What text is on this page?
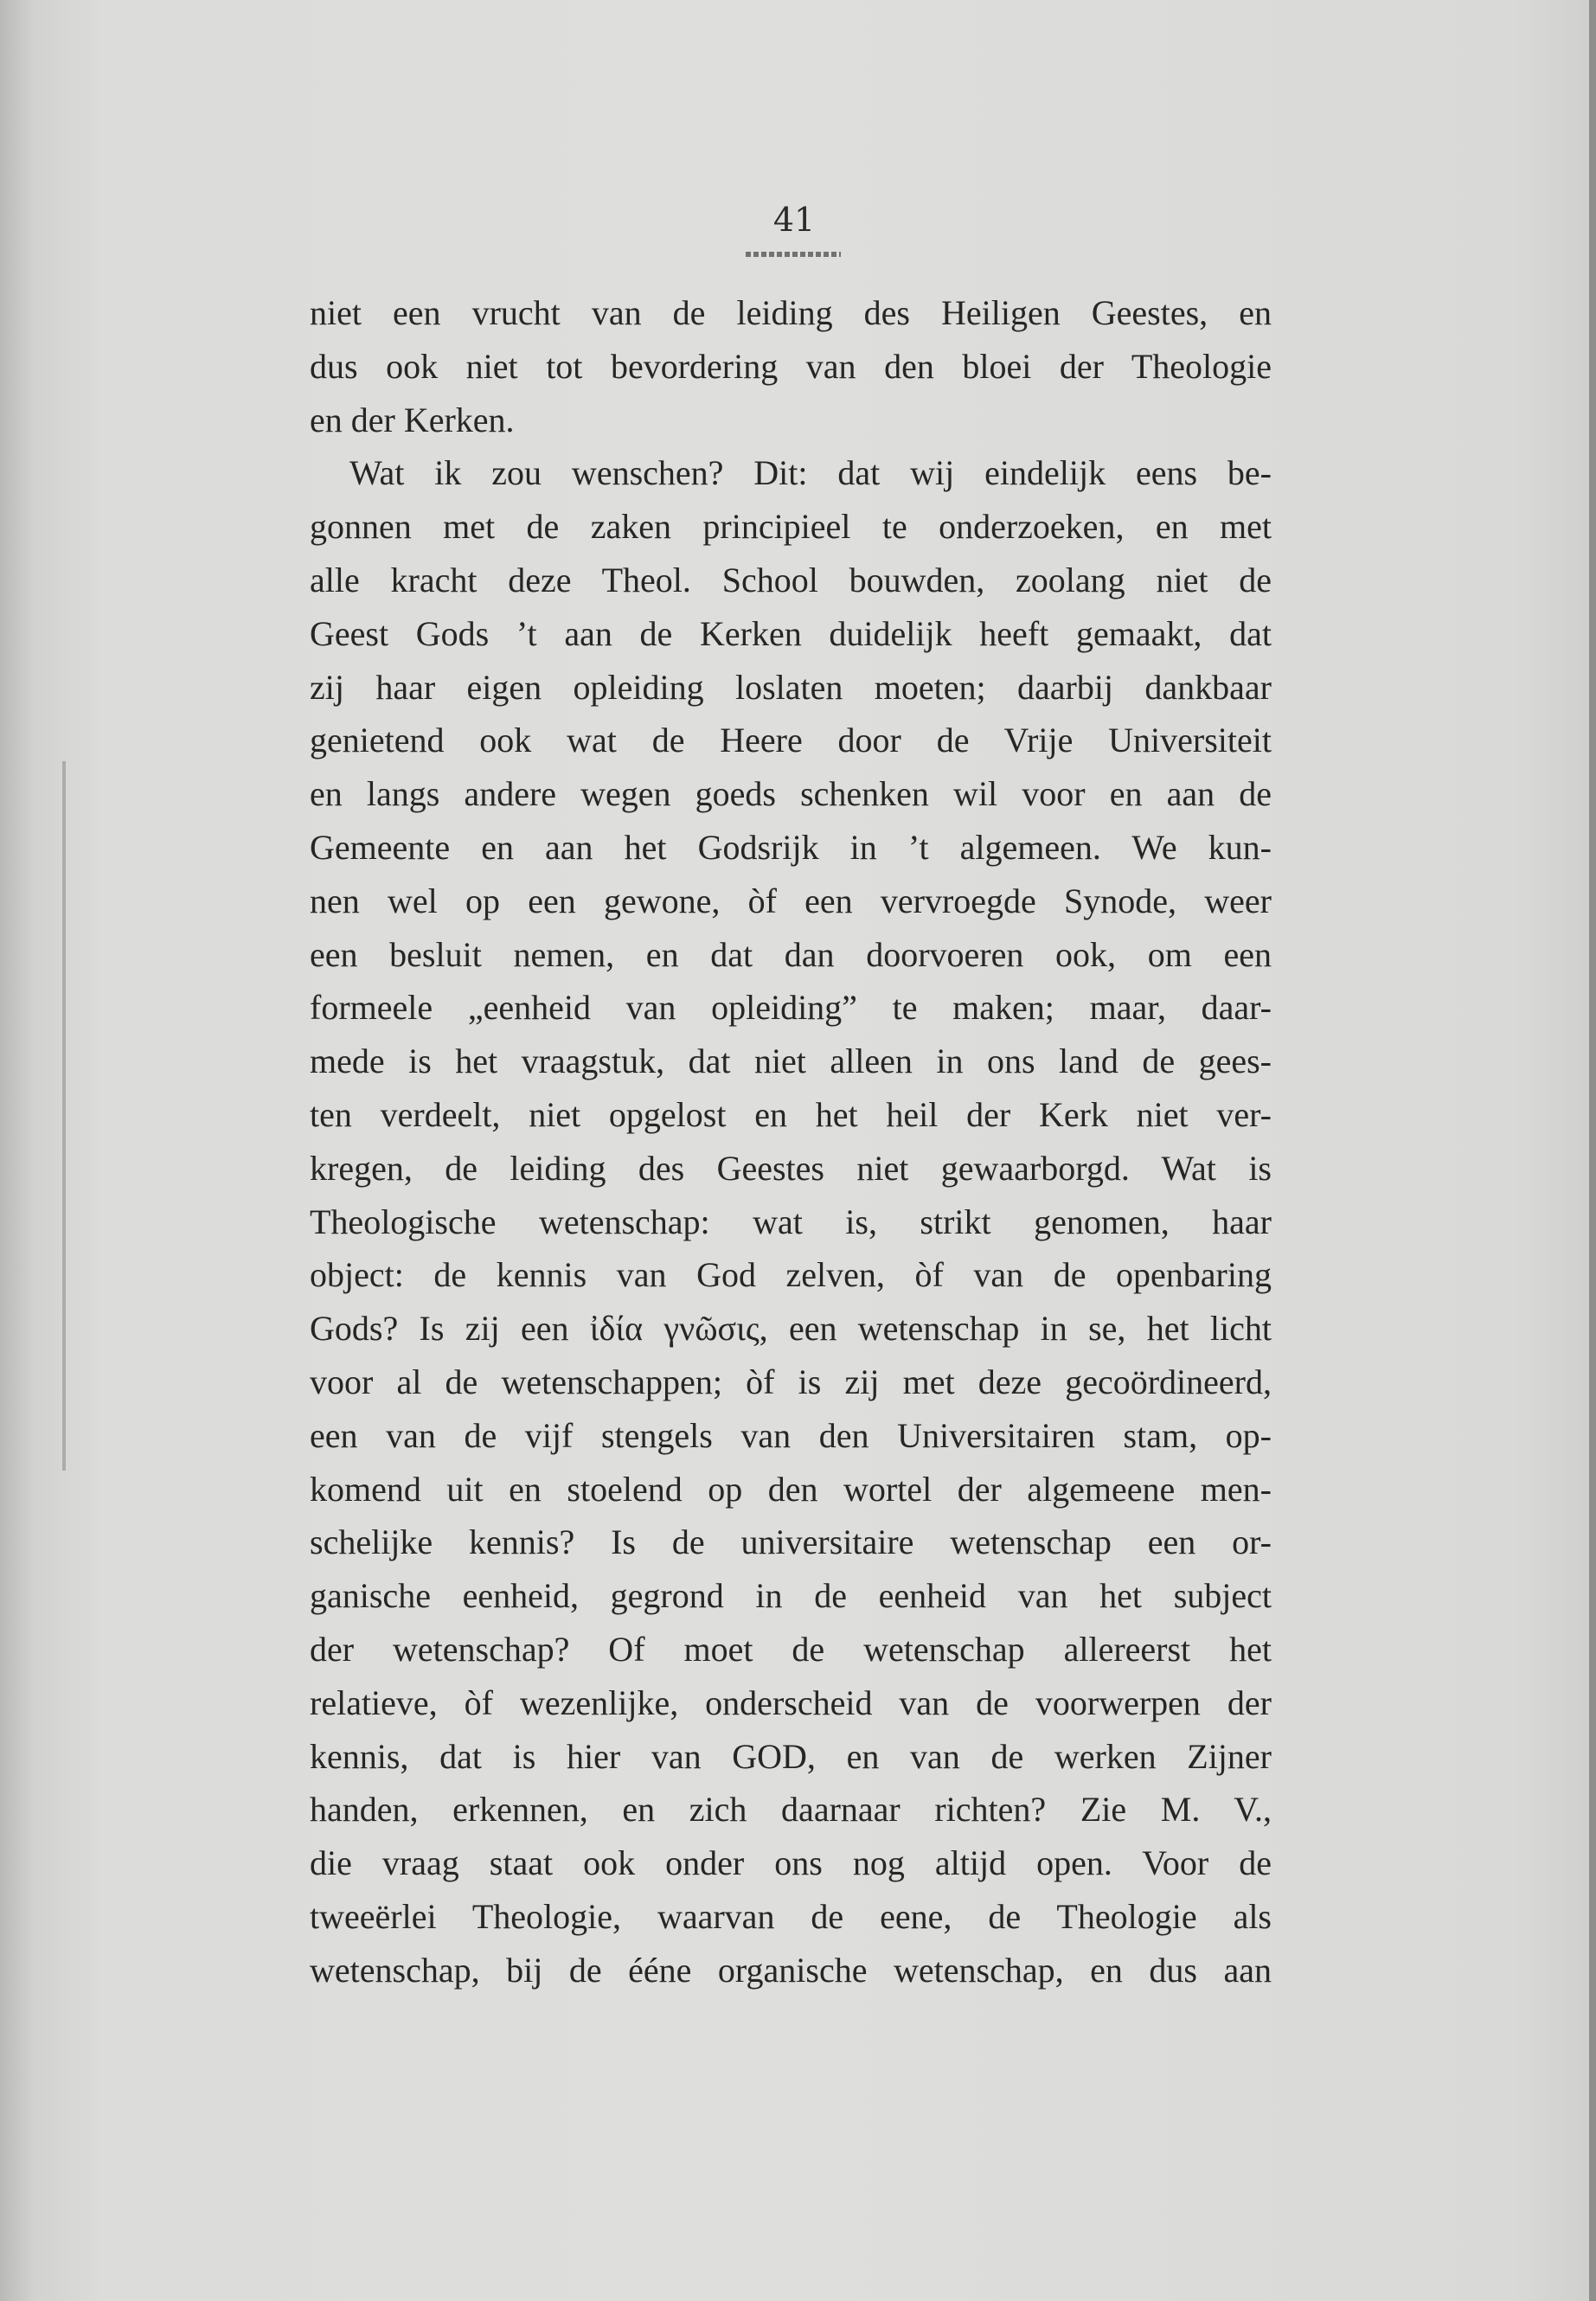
41
niet een vrucht van de leiding des Heiligen Geestes, en
dus ook niet tot bevordering van den bloei der Theologie
en der Kerken.
Wat ik zou wenschen? Dit: dat wij eindelijk eens be-
gonnen met de zaken principieel te onderzoeken, en met
alle kracht deze Theol. School bouwden, zoolang niet de
Geest Gods ’t aan de Kerken duidelijk heeft gemaakt, dat
zij haar eigen opleiding loslaten moeten; daarbij dankbaar
genietend ook wat de Heere door de Vrije Universiteit
en langs andere wegen goeds schenken wil voor en aan de
Gemeente en aan het Godsrijk in ’t algemeen. We kun-
nen wel op een gewone, òf een vervroegde Synode, weer
een besluit nemen, en dat dan doorvoeren ook, om een
formeele „eenheid van opleiding” te maken; maar, daar-
mede is het vraagstuk, dat niet alleen in ons land de gees-
ten verdeelt, niet opgelost en het heil der Kerk niet ver-
kregen, de leiding des Geestes niet gewaarborgd. Wat is
Theologische wetenschap: wat is, strikt genomen, haar
object: de kennis van God zelven, òf van de openbaring
Gods? Is zij een ἰδία γνῶσις, een wetenschap in se, het licht
voor al de wetenschappen; òf is zij met deze gecoördineerd,
een van de vijf stengels van den Universitairen stam, op-
komend uit en stoelend op den wortel der algemeene men-
schelijke kennis? Is de universitaire wetenschap een or-
ganische eenheid, gegrond in de eenheid van het subject
der wetenschap? Of moet de wetenschap allereerst het
relatieve, òf wezenlijke, onderscheid van de voorwerpen der
kennis, dat is hier van GOD, en van de werken Zijner
handen, erkennen, en zich daarnaar richten? Zie M. V.,
die vraag staat ook onder ons nog altijd open. Voor de
tweeërlei Theologie, waarvan de eene, de Theologie als
wetenschap, bij de ééne organische wetenschap, en dus aan
